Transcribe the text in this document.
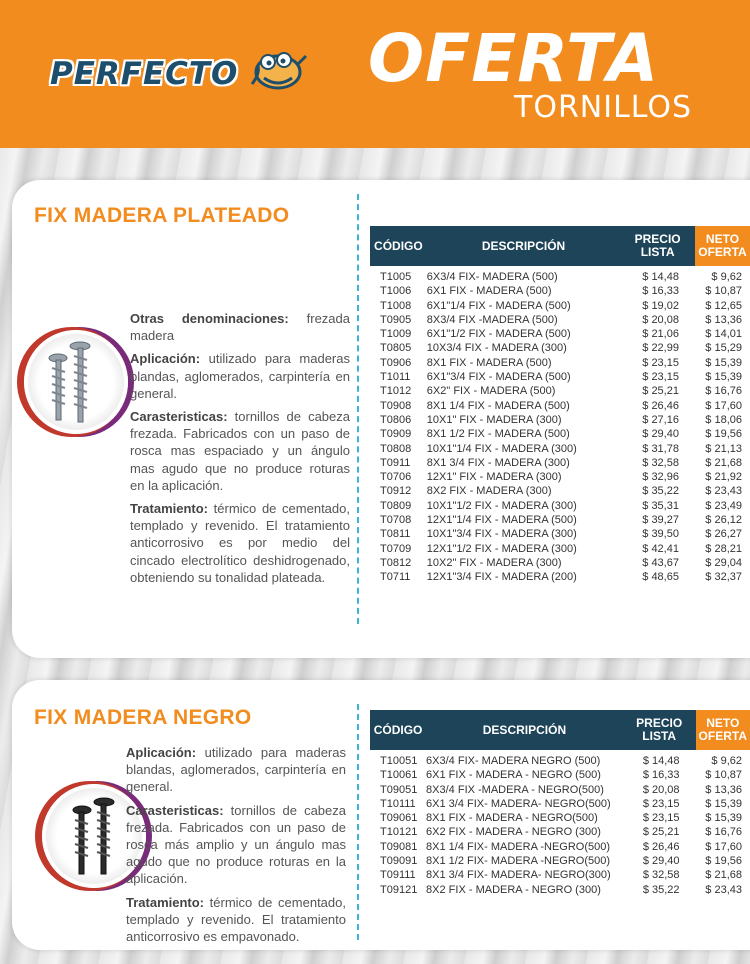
PERFECTO OFERTA
TORNILLOS
FIX MADERA PLATEADO

Otras denominaciones: frezada madera

Aplicación: utilizado para maderas blandas, aglomerados, carpintería en general.

Carasteristicas: tornillos de cabeza frezada. Fabricados con un paso de rosca mas espaciado y un ángulo mas agudo que no produce roturas en la aplicación.

Tratamiento: térmico de cementado, templado y revenido. El tratamiento anticorrosivo es por medio del cincado electrolítico deshidrogenado, obteniendo su tonalidad plateada.

CÓDIGO	DESCRIPCIÓN	PRECIO LISTA	NETO OFERTA
T1005	6X3/4 FIX- MADERA (500)	$ 14,48	$ 9,62
T1006	6X1 FIX - MADERA (500)	$ 16,33	$ 10,87
T1008	6X1"1/4 FIX - MADERA (500)	$ 19,02	$ 12,65
T0905	8X3/4 FIX -MADERA (500)	$ 20,08	$ 13,36
T1009	6X1"1/2 FIX - MADERA (500)	$ 21,06	$ 14,01
T0805	10X3/4 FIX - MADERA (300)	$ 22,99	$ 15,29
T0906	8X1 FIX - MADERA (500)	$ 23,15	$ 15,39
T1011	6X1"3/4 FIX - MADERA (500)	$ 23,15	$ 15,39
T1012	6X2" FIX - MADERA (500)	$ 25,21	$ 16,76
T0908	8X1 1/4 FIX - MADERA (500)	$ 26,46	$ 17,60
T0806	10X1" FIX - MADERA (300)	$ 27,16	$ 18,06
T0909	8X1 1/2 FIX - MADERA (500)	$ 29,40	$ 19,56
T0808	10X1"1/4 FIX - MADERA (300)	$ 31,78	$ 21,13
T0911	8X1 3/4 FIX - MADERA (300)	$ 32,58	$ 21,68
T0706	12X1" FIX - MADERA (300)	$ 32,96	$ 21,92
T0912	8X2 FIX - MADERA (300)	$ 35,22	$ 23,43
T0809	10X1"1/2 FIX - MADERA (300)	$ 35,31	$ 23,49
T0708	12X1"1/4 FIX - MADERA (500)	$ 39,27	$ 26,12
T0811	10X1"3/4 FIX - MADERA (300)	$ 39,50	$ 26,27
T0709	12X1"1/2 FIX - MADERA (300)	$ 42,41	$ 28,21
T0812	10X2" FIX - MADERA (300)	$ 43,67	$ 29,04
T0711	12X1"3/4 FIX - MADERA (200)	$ 48,65	$ 32,37
FIX MADERA NEGRO

Aplicación: utilizado para maderas blandas, aglomerados, carpintería en general.

Carasteristicas: tornillos de cabeza frezada. Fabricados con un paso de rosca más amplio y un ángulo mas agudo que no produce roturas en la aplicación.

Tratamiento: térmico de cementado, templado y revenido. El tratamiento anticorrosivo es empavonado.

CÓDIGO	DESCRIPCIÓN	PRECIO LISTA	NETO OFERTA
T10051	6X3/4 FIX- MADERA NEGRO (500)	$ 14,48	$ 9,62
T10061	6X1 FIX - MADERA - NEGRO (500)	$ 16,33	$ 10,87
T09051	8X3/4 FIX -MADERA - NEGRO(500)	$ 20,08	$ 13,36
T10111	6X1 3/4 FIX- MADERA- NEGRO(500)	$ 23,15	$ 15,39
T09061	8X1 FIX - MADERA - NEGRO(500)	$ 23,15	$ 15,39
T10121	6X2 FIX - MADERA - NEGRO (300)	$ 25,21	$ 16,76
T09081	8X1 1/4 FIX- MADERA -NEGRO(500)	$ 26,46	$ 17,60
T09091	8X1 1/2 FIX- MADERA -NEGRO(500)	$ 29,40	$ 19,56
T09111	8X1 3/4 FIX- MADERA- NEGRO(300)	$ 32,58	$ 21,68
T09121	8X2 FIX - MADERA - NEGRO (300)	$ 35,22	$ 23,43
